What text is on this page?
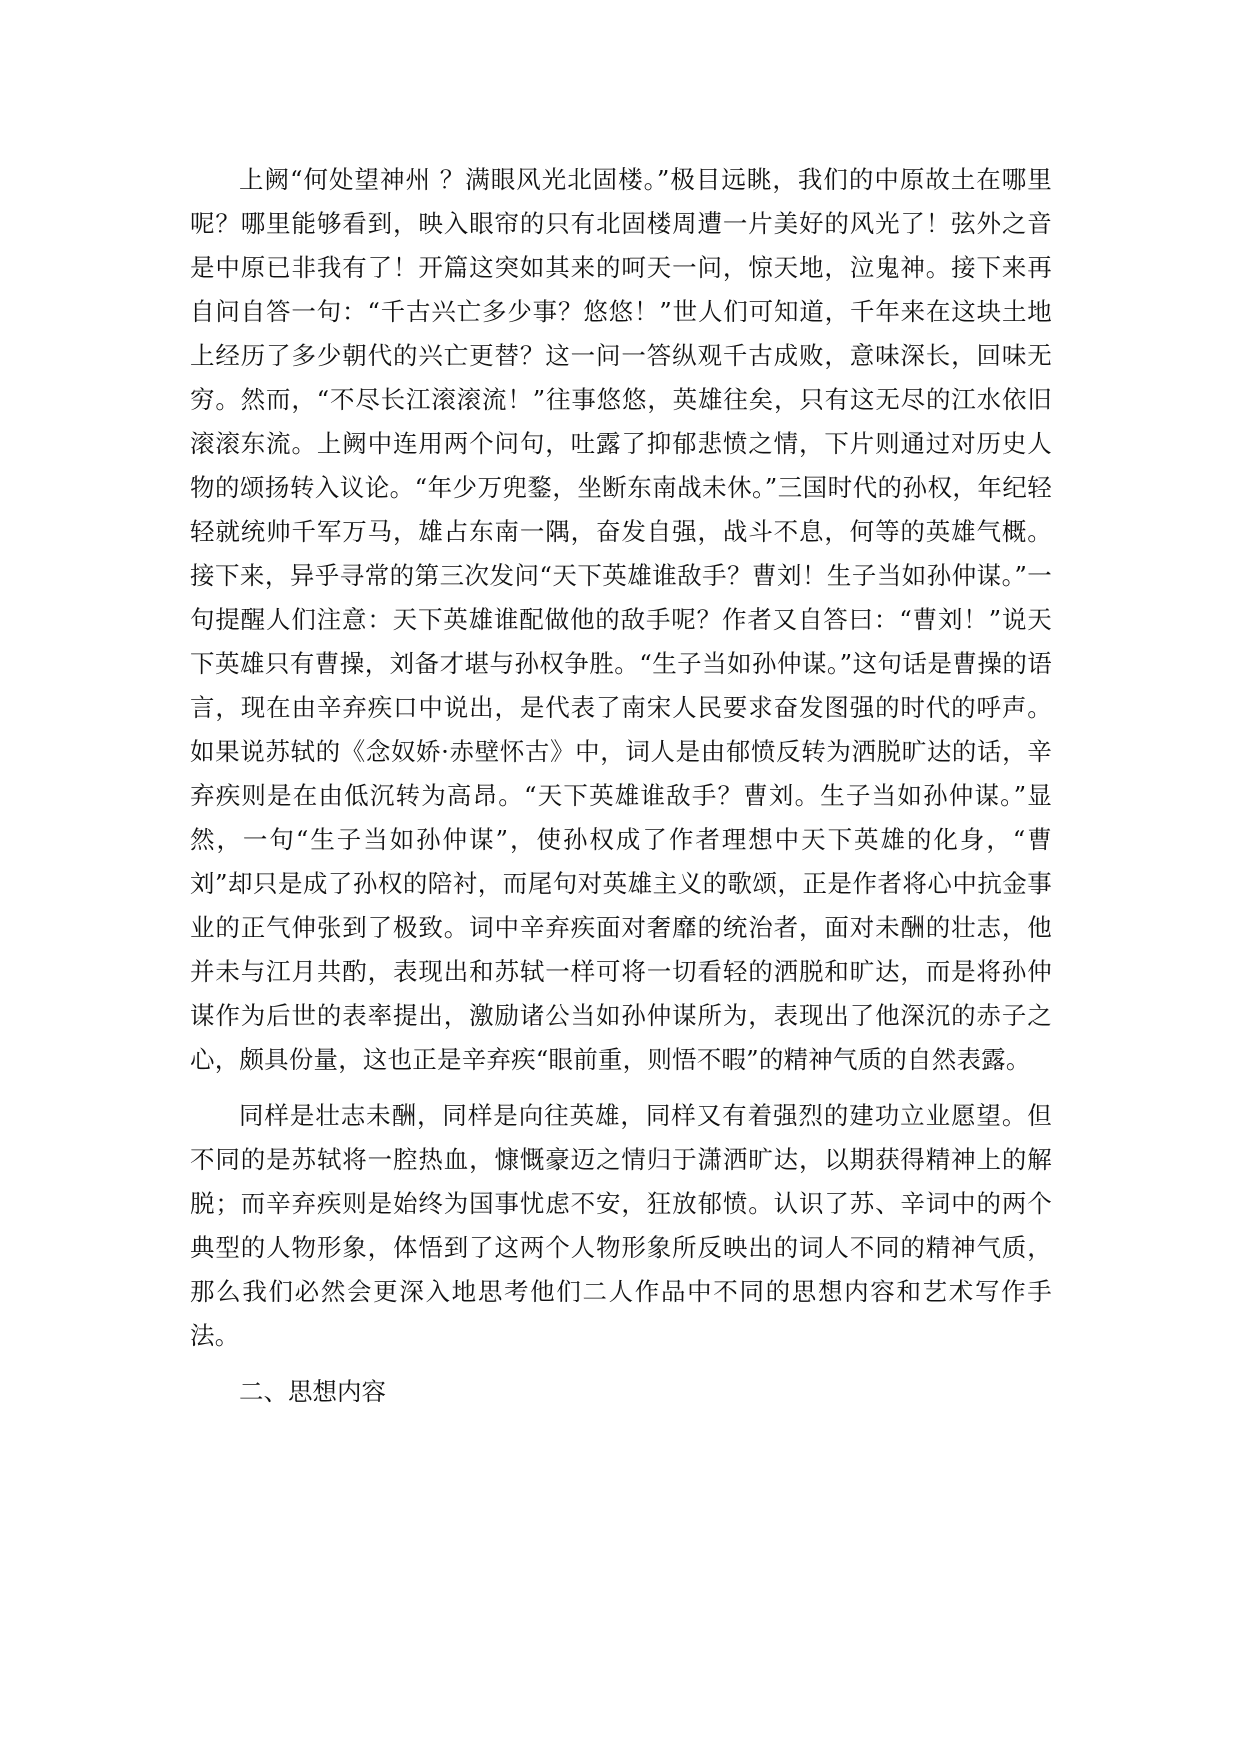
上阙“何处望神州 ？满眼风光北固楼。”极目远眺，我们的中原故土在哪里呢？哪里能够看到，映入眼帘的只有北固楼周遭一片美好的风光了！弦外之音是中原已非我有了！开篇这突如其来的呵天一问，惊天地，泣鬼神。接下来再自问自答一句：“千古兴亡多少事？悠悠！”世人们可知道，千年来在这块土地上经历了多少朝代的兴亡更替？这一问一答纵观千古成败，意味深长，回味无穷。然而，“不尽长江滚滚流！”往事悠悠，英雄往矣，只有这无尽的江水依旧滚滚东流。上阙中连用两个问句，吐露了抑郁悲愤之情，下片则通过对历史人物的颂扬转入议论。“年少万兜鍪，坐断东南战未休。”三国时代的孙权，年纪轻轻就统帅千军万马，雄占东南一隅，奋发自强，战斗不息，何等的英雄气概。接下来，异乎寻常的第三次发问“天下英雄谁敌手？曹刘！生子当如孙仲谋。”一句提醒人们注意：天下英雄谁配做他的敌手呢？作者又自答曰：“曹刘！”说天下英雄只有曹操，刘备才堪与孙权争胜。“生子当如孙仲谋。”这句话是曹操的语言，现在由辛弃疾口中说出，是代表了南宋人民要求奋发图强的时代的呼声。如果说苏轼的《念奴娇·赤壁怀古》中，词人是由郁愤反转为洒脱旷达的话，辛弃疾则是在由低沉转为高昂。“天下英雄谁敌手？曹刘。生子当如孙仲谋。”显然，一句“生子当如孙仲谋”，使孙权成了作者理想中天下英雄的化身，“曹刘”却只是成了孙权的陪衬，而尾句对英雄主义的歌颂，正是作者将心中抗金事业的正气伸张到了极致。词中辛弃疾面对奢靡的统治者，面对未酬的壮志，他并未与江月共酌，表现出和苏轼一样可将一切看轻的洒脱和旷达，而是将孙仲谋作为后世的表率提出，激励诸公当如孙仲谋所为，表现出了他深沉的赤子之心，颇具份量，这也正是辛弃疾“眼前重，则悟不暇”的精神气质的自然表露。

同样是壮志未酬，同样是向往英雄，同样又有着强烈的建功立业愿望。但不同的是苏轼将一腔热血，慷慨豪迈之情归于潇洒旷达，以期获得精神上的解脱；而辛弃疾则是始终为国事忧虑不安，狂放郁愤。认识了苏、辛词中的两个典型的人物形象，体悟到了这两个人物形象所反映出的词人不同的精神气质，那么我们必然会更深入地思考他们二人作品中不同的思想内容和艺术写作手法。

二、思想内容
